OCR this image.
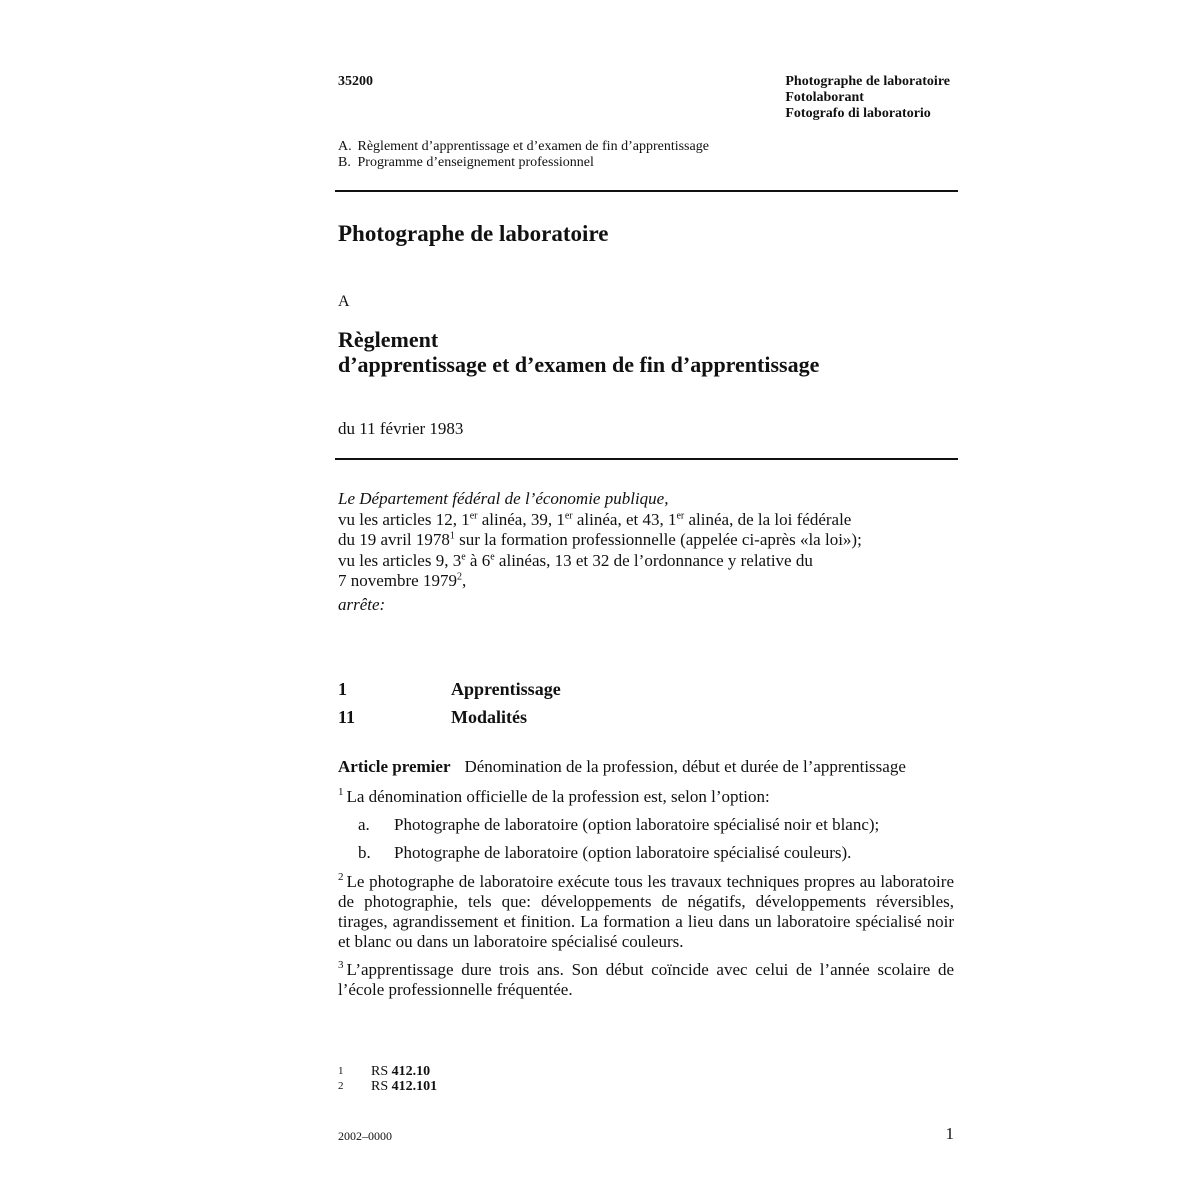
35200	Photographe de laboratoire
Fotolaborant
Fotografo di laboratorio
A. Règlement d’apprentissage et d’examen de fin d’apprentissage
B. Programme d’enseignement professionnel
Photographe de laboratoire
A
Règlement
d’apprentissage et d’examen de fin d’apprentissage
du 11 février 1983
Le Département fédéral de l’économie publique,
vu les articles 12, 1er alinéa, 39, 1er alinéa, et 43, 1er alinéa, de la loi fédérale
du 19 avril 1978$^1$ sur la formation professionnelle (appelée ci-après «la loi»);
vu les articles 9, 3e à 6e alinéas, 13 et 32 de l’ordonnance y relative du
7 novembre 1979$^2$,
arrête:
1	Apprentissage
11	Modalités
Article premier Dénomination de la profession, début et durée de l’apprentissage
$^1$ La dénomination officielle de la profession est, selon l’option:
a. Photographe de laboratoire (option laboratoire spécialisé noir et blanc);
b. Photographe de laboratoire (option laboratoire spécialisé couleurs).
$^2$ Le photographe de laboratoire exécute tous les travaux techniques propres au laboratoire de photographie, tels que: développements de négatifs, développements réversibles, tirages, agrandissement et finition. La formation a lieu dans un laboratoire spécialisé noir et blanc ou dans un laboratoire spécialisé couleurs.
$^3$ L’apprentissage dure trois ans. Son début coïncide avec celui de l’année scolaire de l’école professionnelle fréquentée.
1 RS 412.10
2 RS 412.101
2002–0000	1
